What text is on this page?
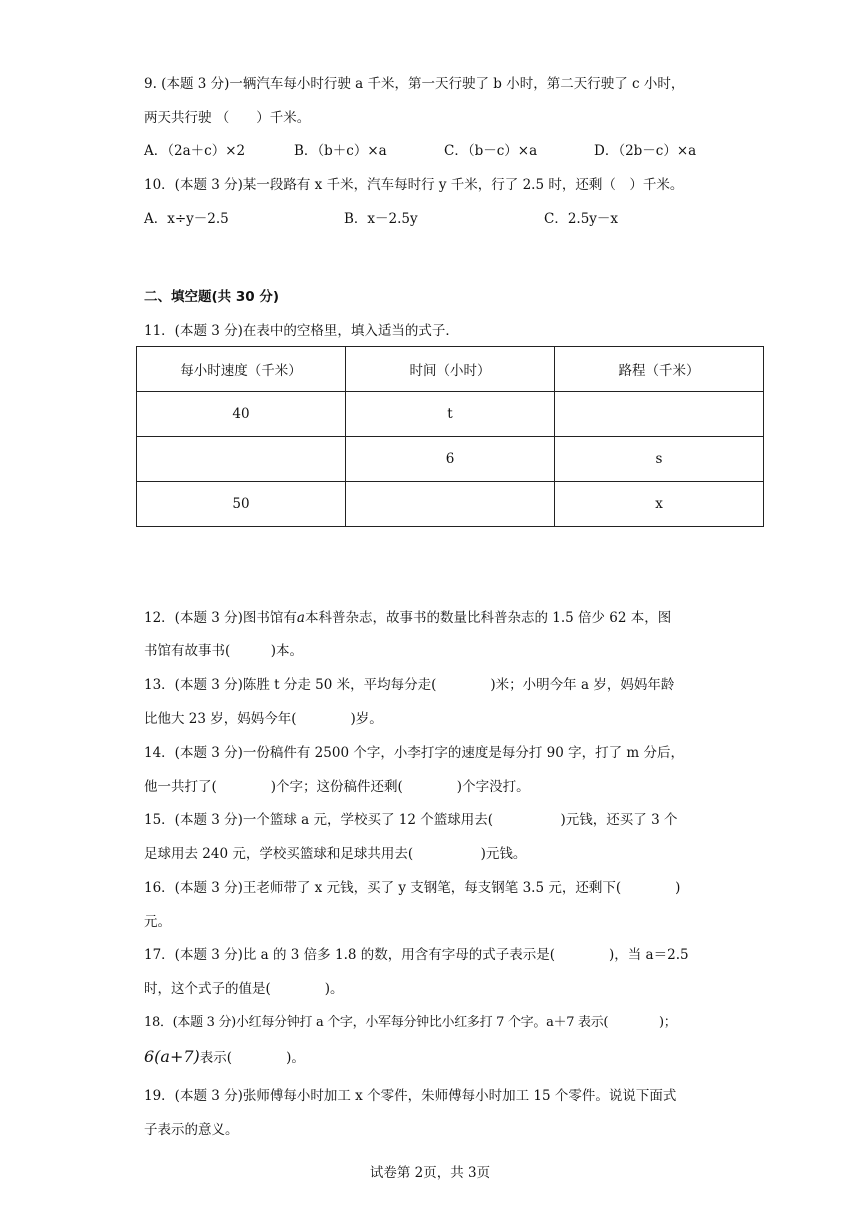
9. (本题 3 分)一辆汽车每小时行驶 a 千米，第一天行驶了 b 小时，第二天行驶了 c 小时，
两天共行驶 （　　）千米。
A．（2a＋c）×2	B．（b＋c）×a	C．（b－c）×a	D．（2b－c）×a
10．(本题 3 分)某一段路有 x 千米，汽车每时行 y 千米，行了 2.5 时，还剩（　）千米。
A．x÷y－2.5	B．x－2.5y	C．2.5y－x
二、填空题(共 30 分)
11．(本题 3 分)在表中的空格里，填入适当的式子．
每小时速度（千米）	时间（小时）	路程（千米）
40	t	
	6	s
50		x
12．(本题 3 分)图书馆有a本科普杂志，故事书的数量比科普杂志的 1.5 倍少 62 本，图
书馆有故事书(　　　)本。
13．(本题 3 分)陈胜 t 分走 50 米，平均每分走(　　　　)米；小明今年 a 岁，妈妈年龄
比他大 23 岁，妈妈今年(　　　　)岁。
14．(本题 3 分)一份稿件有 2500 个字，小李打字的速度是每分打 90 字，打了 m 分后，
他一共打了(　　　　)个字；这份稿件还剩(　　　　)个字没打。
15．(本题 3 分)一个篮球 a 元，学校买了 12 个篮球用去(　　　　　)元钱，还买了 3 个
足球用去 240 元，学校买篮球和足球共用去(　　　　　)元钱。
16．(本题 3 分)王老师带了 x 元钱，买了 y 支钢笔，每支钢笔 3.5 元，还剩下(　　　　)
元。
17．(本题 3 分)比 a 的 3 倍多 1.8 的数，用含有字母的式子表示是(　　　　)，当 a＝2.5
时，这个式子的值是(　　　　)。
18．(本题 3 分)小红每分钟打 a 个字，小军每分钟比小红多打 7 个字。a＋7 表示(　　　　)；
6(a+7)表示(　　　　)。
19．(本题 3 分)张师傅每小时加工 x 个零件，朱师傅每小时加工 15 个零件。说说下面式
子表示的意义。
试卷第 2页，共 3页
